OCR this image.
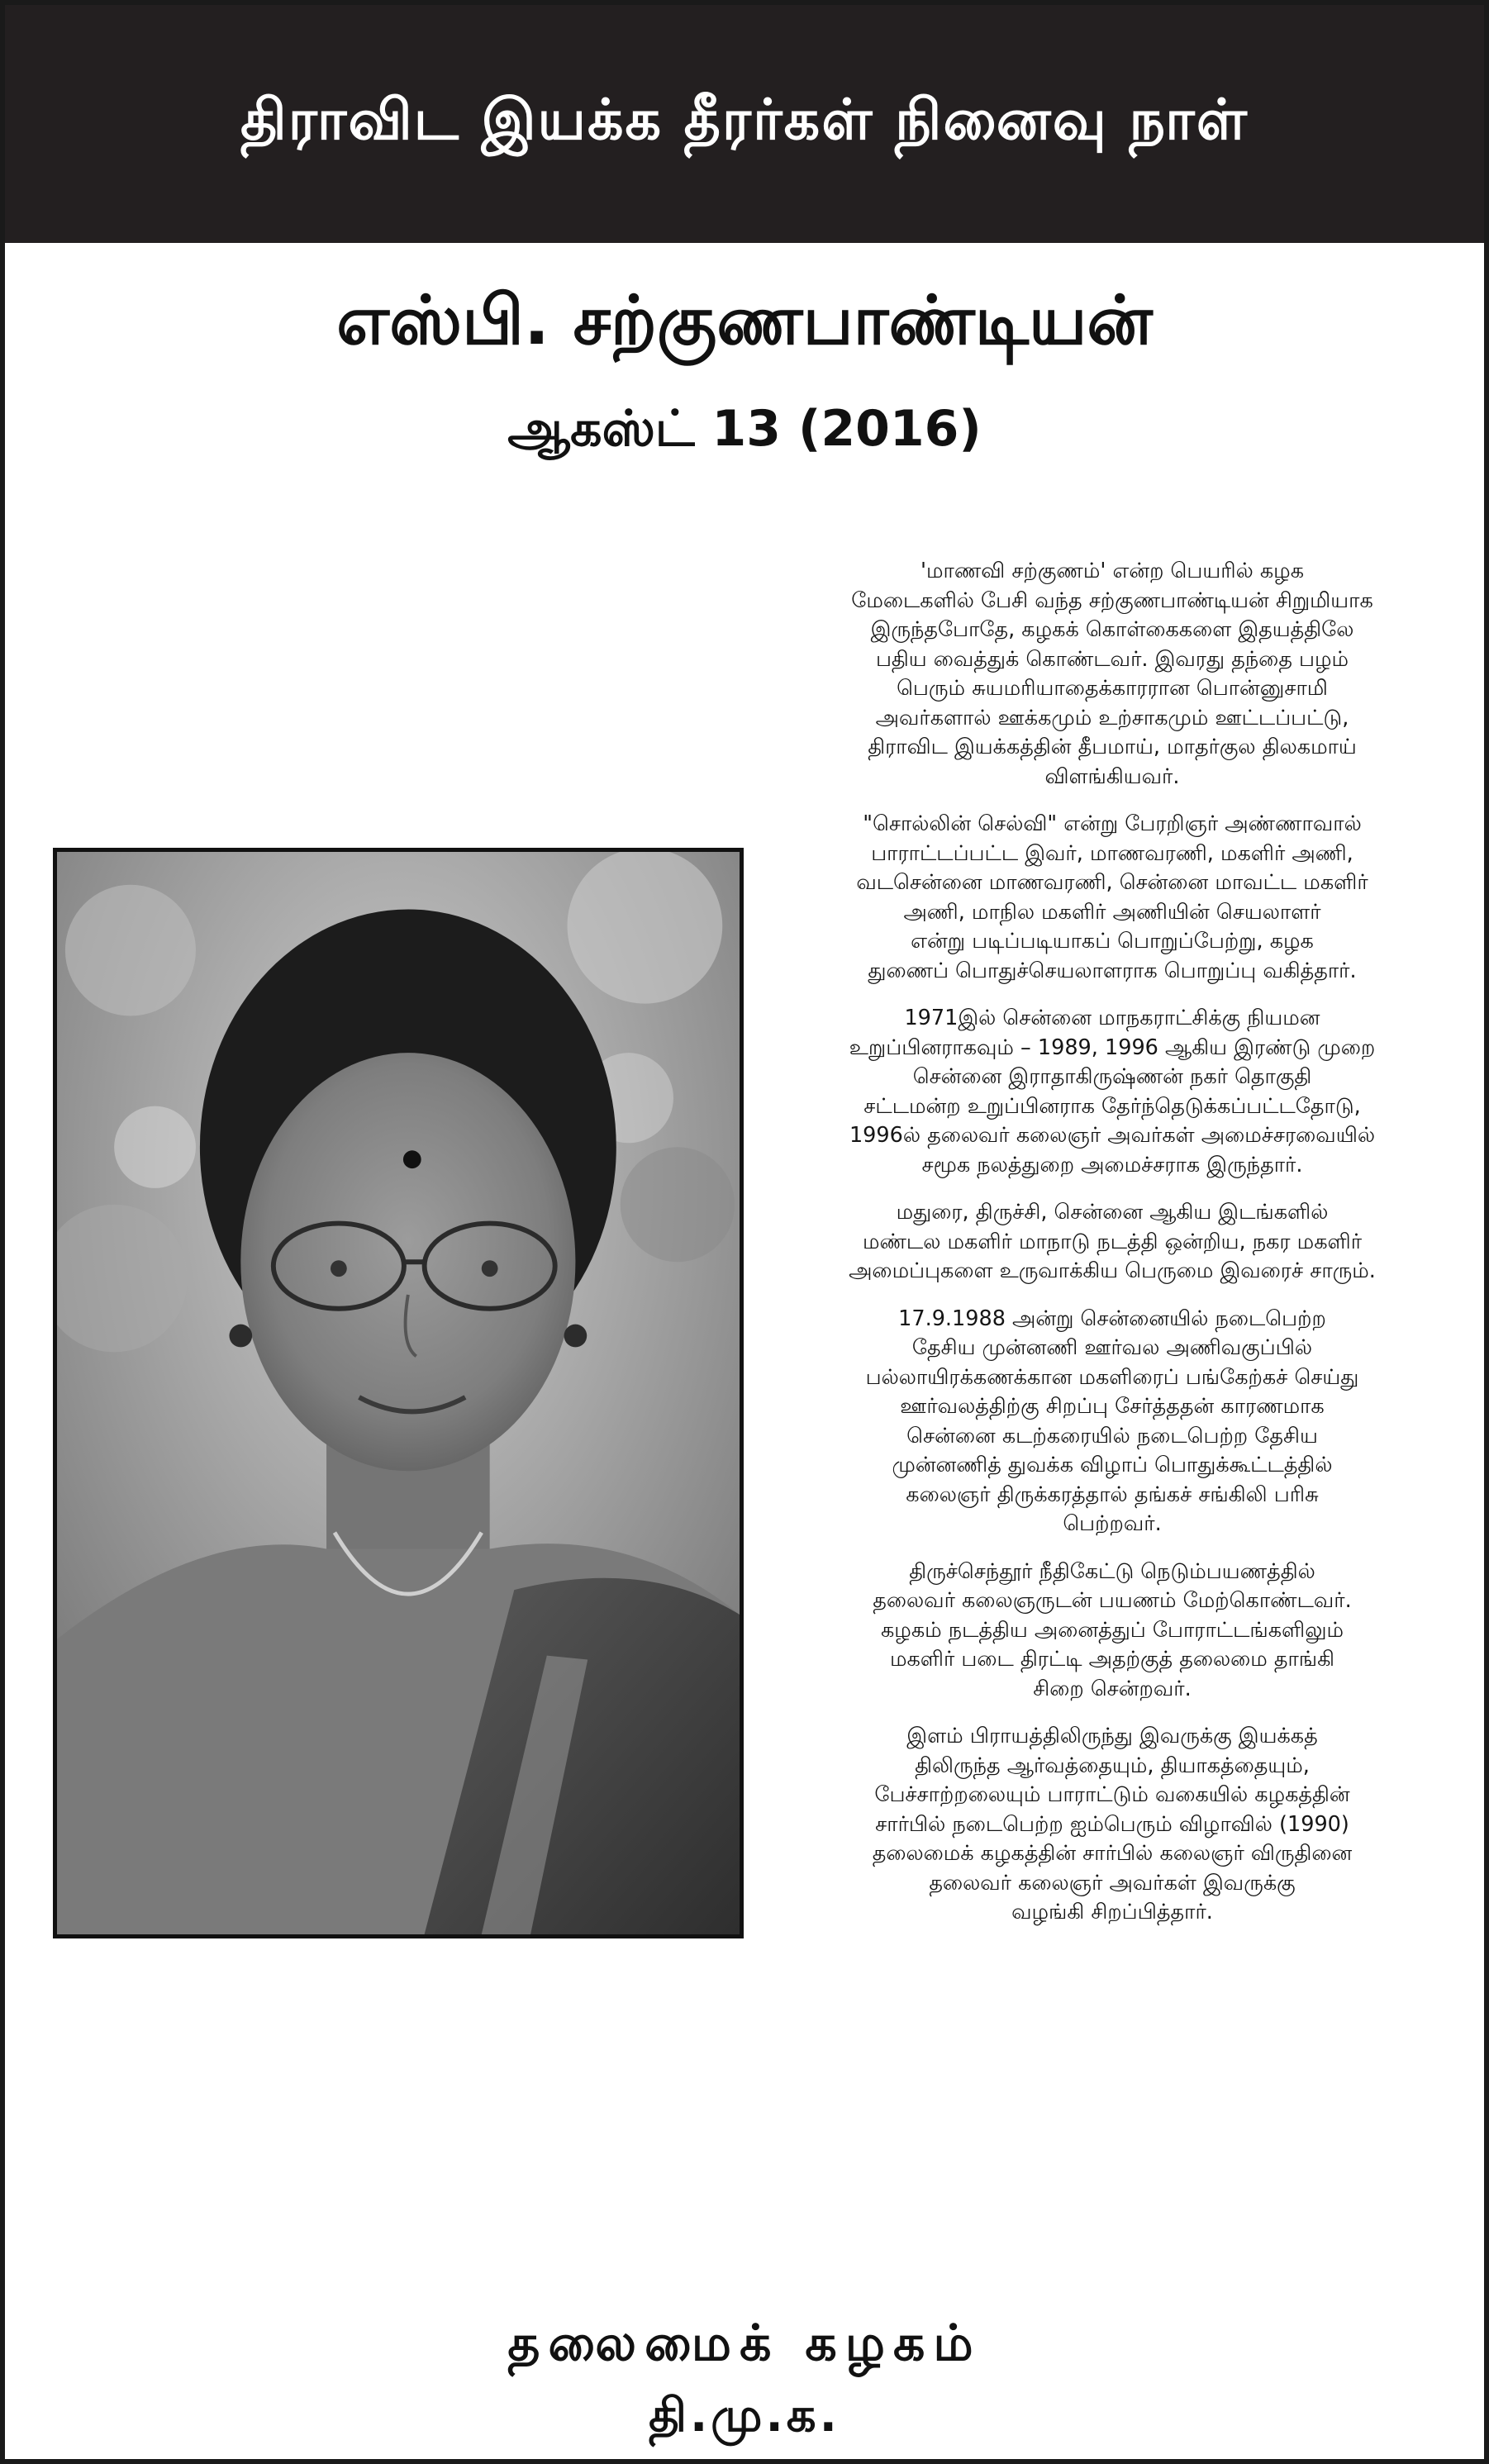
திராவிட இயக்க தீரர்கள் நினைவு நாள்
எஸ்பி. சற்குணபாண்டியன்
ஆகஸ்ட் 13 (2016)

'மாணவி சற்குணம்' என்ற பெயரில் கழக
மேடைகளில் பேசி வந்த சற்குணபாண்டியன் சிறுமியாக
இருந்தபோதே, கழகக் கொள்கைகளை இதயத்திலே
பதிய வைத்துக் கொண்டவர். இவரது தந்தை பழம்
பெரும் சுயமரியாதைக்காரரான பொன்னுசாமி
அவர்களால் ஊக்கமும் உற்சாகமும் ஊட்டப்பட்டு,
திராவிட இயக்கத்தின் தீபமாய், மாதர்குல திலகமாய்
விளங்கியவர்.

"சொல்லின் செல்வி" என்று பேரறிஞர் அண்ணாவால்
பாராட்டப்பட்ட இவர், மாணவரணி, மகளிர் அணி,
வடசென்னை மாணவரணி, சென்னை மாவட்ட மகளிர்
அணி, மாநில மகளிர் அணியின் செயலாளர்
என்று படிப்படியாகப் பொறுப்பேற்று, கழக
துணைப் பொதுச்செயலாளராக பொறுப்பு வகித்தார்.

1971இல் சென்னை மாநகராட்சிக்கு நியமன
உறுப்பினராகவும் – 1989, 1996 ஆகிய இரண்டு முறை
சென்னை இராதாகிருஷ்ணன் நகர் தொகுதி
சட்டமன்ற உறுப்பினராக தேர்ந்தெடுக்கப்பட்டதோடு,
1996ல் தலைவர் கலைஞர் அவர்கள் அமைச்சரவையில்
சமூக நலத்துறை அமைச்சராக இருந்தார்.

மதுரை, திருச்சி, சென்னை ஆகிய இடங்களில்
மண்டல மகளிர் மாநாடு நடத்தி ஒன்றிய, நகர மகளிர்
அமைப்புகளை உருவாக்கிய பெருமை இவரைச் சாரும்.

17.9.1988 அன்று சென்னையில் நடைபெற்ற
தேசிய முன்னணி ஊர்வல அணிவகுப்பில்
பல்லாயிரக்கணக்கான மகளிரைப் பங்கேற்கச் செய்து
ஊர்வலத்திற்கு சிறப்பு சேர்த்ததன் காரணமாக
சென்னை கடற்கரையில் நடைபெற்ற தேசிய
முன்னணித் துவக்க விழாப் பொதுக்கூட்டத்தில்
கலைஞர் திருக்கரத்தால் தங்கச் சங்கிலி பரிசு
பெற்றவர்.

திருச்செந்தூர் நீதிகேட்டு நெடும்பயணத்தில்
தலைவர் கலைஞருடன் பயணம் மேற்கொண்டவர்.
கழகம் நடத்திய அனைத்துப் போராட்டங்களிலும்
மகளிர் படை திரட்டி அதற்குத் தலைமை தாங்கி
சிறை சென்றவர்.

இளம் பிராயத்திலிருந்து இவருக்கு இயக்கத்
திலிருந்த ஆர்வத்தையும், தியாகத்தையும்,
பேச்சாற்றலையும் பாராட்டும் வகையில் கழகத்தின்
சார்பில் நடைபெற்ற ஐம்பெரும் விழாவில் (1990)
தலைமைக் கழகத்தின் சார்பில் கலைஞர் விருதினை
தலைவர் கலைஞர் அவர்கள் இவருக்கு
வழங்கி சிறப்பித்தார்.

தலைமைக் கழகம்
தி.மு.க.
